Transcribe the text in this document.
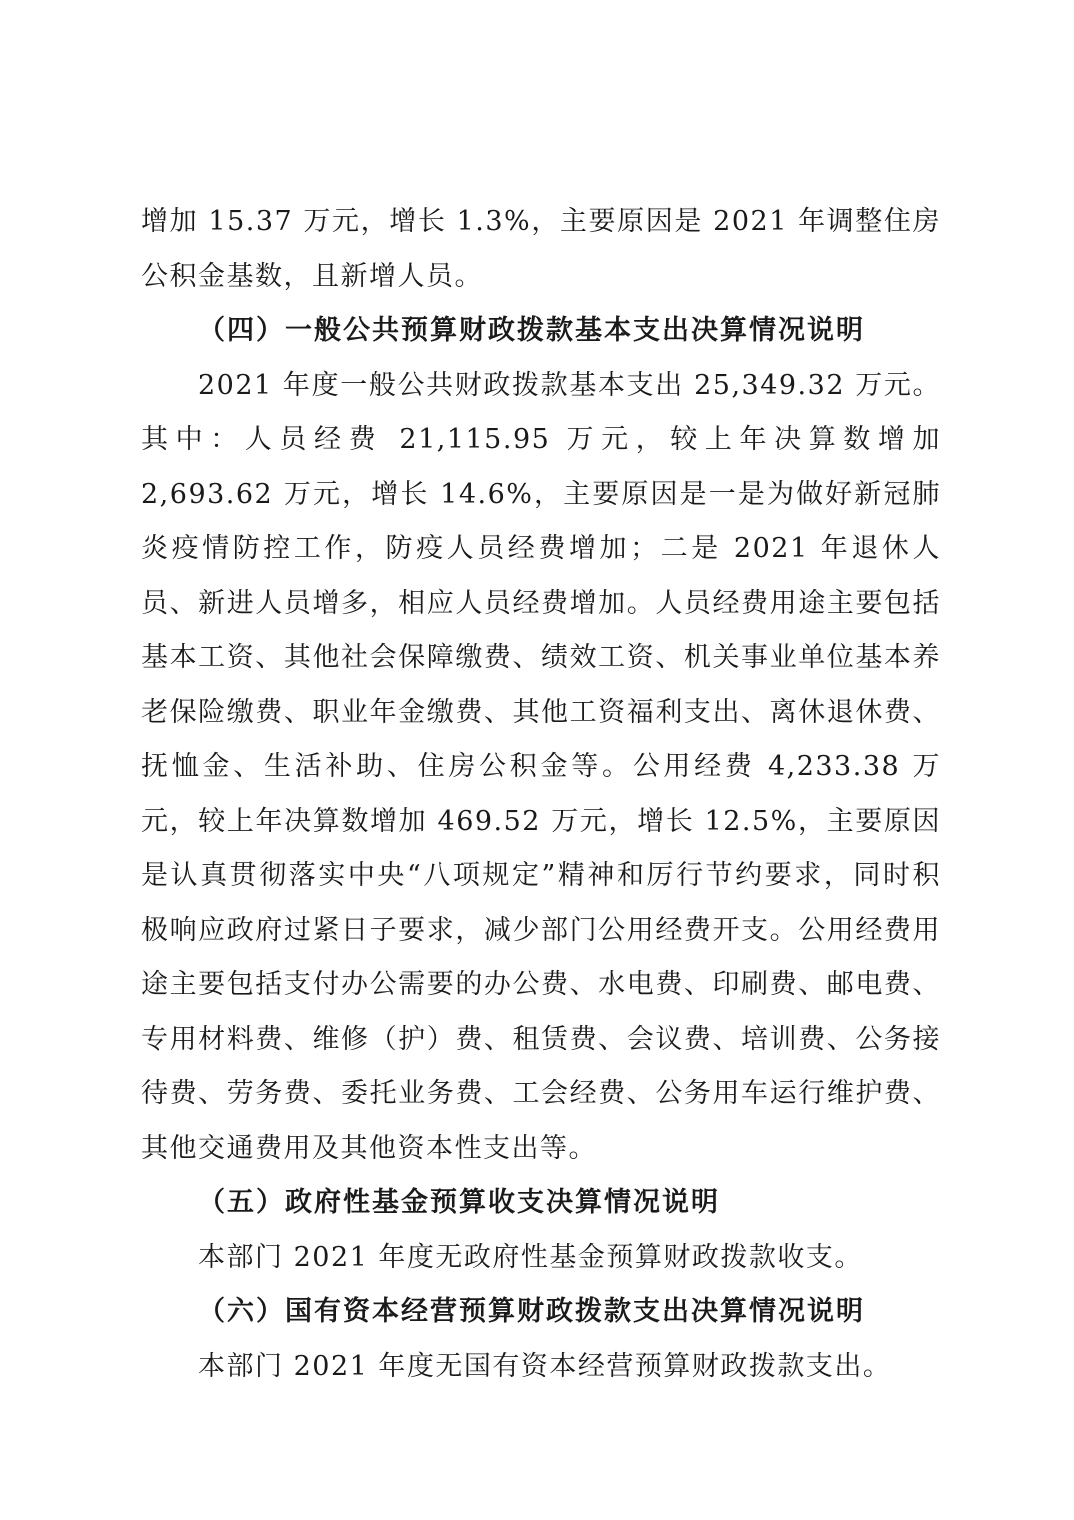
增加 15.37 万元，增长 1.3%，主要原因是 2021 年调整住房公积金基数，且新增人员。

（四）一般公共预算财政拨款基本支出决算情况说明

2021 年度一般公共财政拨款基本支出 25,349.32 万元。其中：人员经费 21,115.95 万元，较上年决算数增加 2,693.62 万元，增长 14.6%，主要原因是一是为做好新冠肺炎疫情防控工作，防疫人员经费增加；二是 2021 年退休人员、新进人员增多，相应人员经费增加。人员经费用途主要包括基本工资、其他社会保障缴费、绩效工资、机关事业单位基本养老保险缴费、职业年金缴费、其他工资福利支出、离休退休费、抚恤金、生活补助、住房公积金等。公用经费 4,233.38 万元，较上年决算数增加 469.52 万元，增长 12.5%，主要原因是认真贯彻落实中央“八项规定”精神和厉行节约要求，同时积极响应政府过紧日子要求，减少部门公用经费开支。公用经费用途主要包括支付办公需要的办公费、水电费、印刷费、邮电费、专用材料费、维修（护）费、租赁费、会议费、培训费、公务接待费、劳务费、委托业务费、工会经费、公务用车运行维护费、其他交通费用及其他资本性支出等。

（五）政府性基金预算收支决算情况说明

本部门 2021 年度无政府性基金预算财政拨款收支。

（六）国有资本经营预算财政拨款支出决算情况说明

本部门 2021 年度无国有资本经营预算财政拨款支出。
